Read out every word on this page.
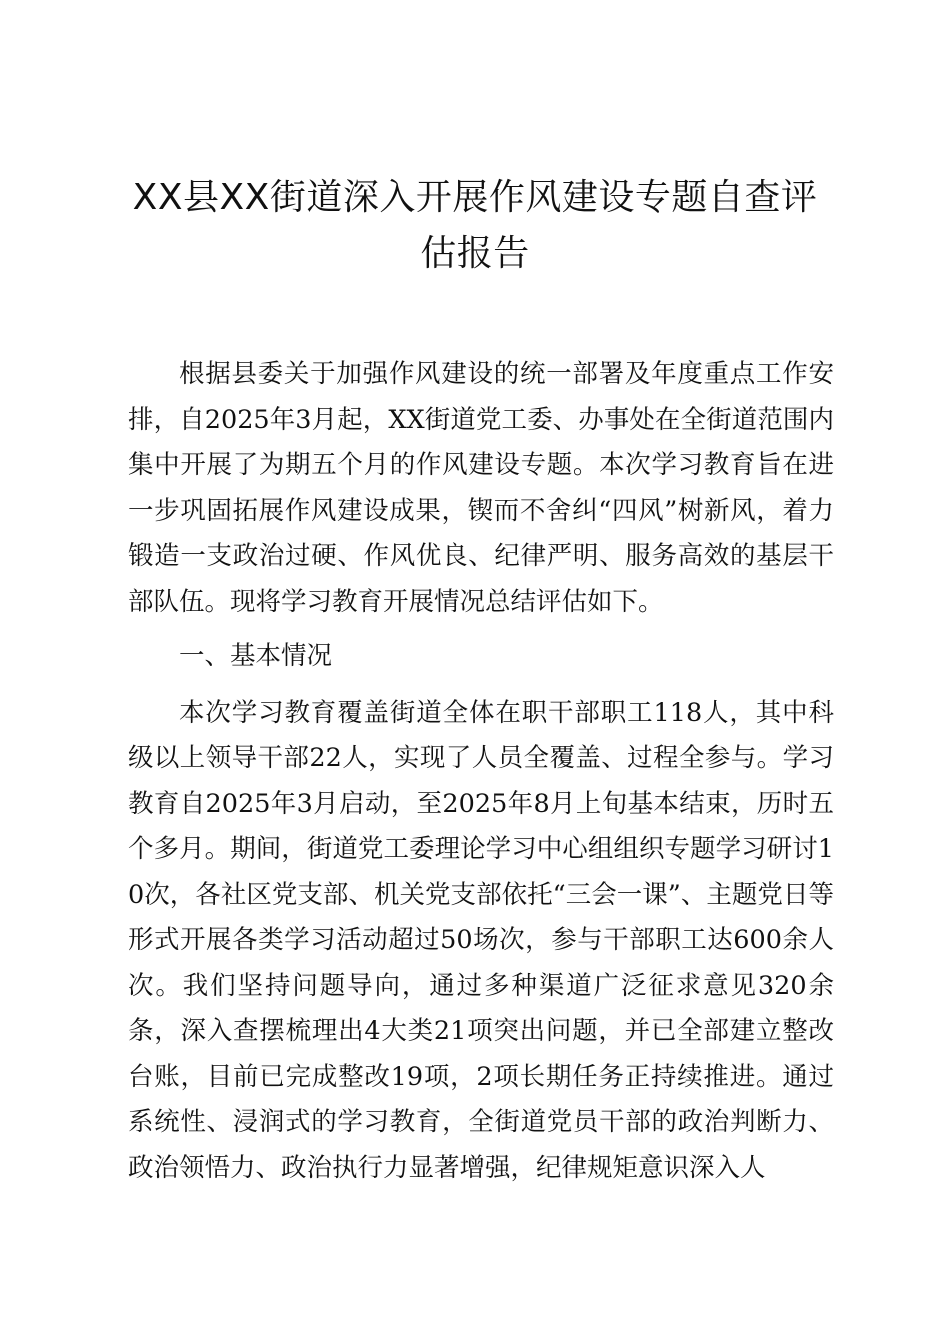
XX县XX街道深入开展作风建设专题自查评
估报告

根据县委关于加强作风建设的统一部署及年度重点工作安排，自2025年3月起，XX街道党工委、办事处在全街道范围内集中开展了为期五个月的作风建设专题。本次学习教育旨在进一步巩固拓展作风建设成果，锲而不舍纠“四风”树新风，着力锻造一支政治过硬、作风优良、纪律严明、服务高效的基层干部队伍。现将学习教育开展情况总结评估如下。

一、基本情况

本次学习教育覆盖街道全体在职干部职工118人，其中科级以上领导干部22人，实现了人员全覆盖、过程全参与。学习教育自2025年3月启动，至2025年8月上旬基本结束，历时五个多月。期间，街道党工委理论学习中心组组织专题学习研讨10次，各社区党支部、机关党支部依托“三会一课”、主题党日等形式开展各类学习活动超过50场次，参与干部职工达600余人次。我们坚持问题导向，通过多种渠道广泛征求意见320余条，深入查摆梳理出4大类21项突出问题，并已全部建立整改台账，目前已完成整改19项，2项长期任务正持续推进。通过系统性、浸润式的学习教育，全街道党员干部的政治判断力、政治领悟力、政治执行力显著增强，纪律规矩意识深入人
